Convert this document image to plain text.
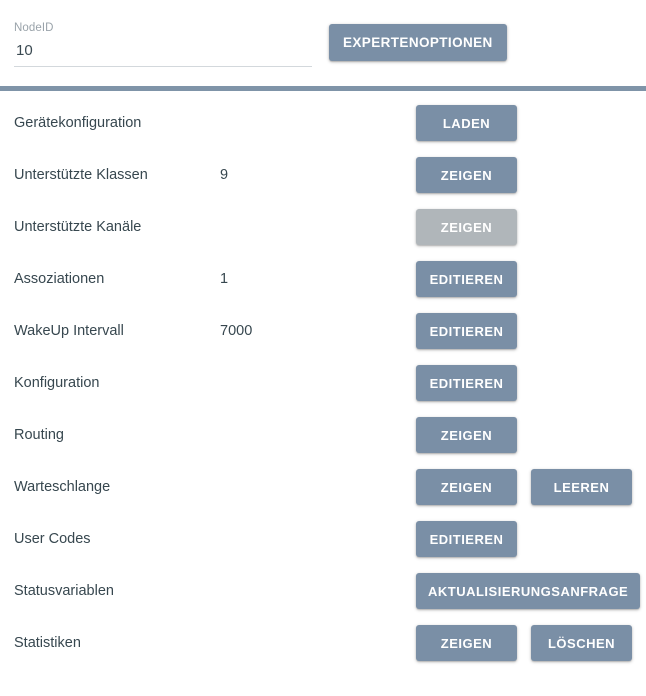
NodeID
10
EXPERTENOPTIONEN
Gerätekonfiguration	LADEN
Unterstützte Klassen	9	ZEIGEN
Unterstützte Kanäle	ZEIGEN
Assoziationen	1	EDITIEREN
WakeUp Intervall	7000	EDITIEREN
Konfiguration	EDITIEREN
Routing	ZEIGEN
Warteschlange	ZEIGEN	LEEREN
User Codes	EDITIEREN
Statusvariablen	AKTUALISIERUNGSANFRAGE
Statistiken	ZEIGEN	LÖSCHEN
